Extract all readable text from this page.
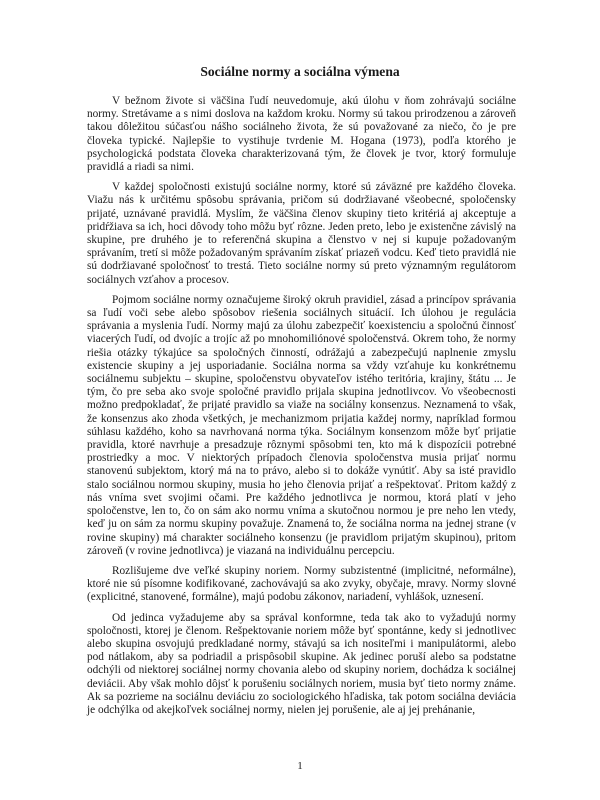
Sociálne normy a sociálna výmena

V bežnom živote si väčšina ľudí neuvedomuje, akú úlohu v ňom zohrávajú sociálne normy. Stretávame a s nimi doslova na každom kroku. Normy sú takou prirodzenou a zároveň takou dôležitou súčasťou nášho sociálneho života, že sú považované za niečo, čo je pre človeka typické. Najlepšie to vystihuje tvrdenie M. Hogana (1973), podľa ktorého je psychologická podstata človeka charakterizovaná tým, že človek je tvor, ktorý formuluje pravidlá a riadi sa nimi.

V každej spoločnosti existujú sociálne normy, ktoré sú záväzné pre každého človeka. Viažu nás k určitému spôsobu správania, pričom sú dodržiavané všeobecné, spoločensky prijaté, uznávané pravidlá. Myslím, že väčšina členov skupiny tieto kritériá aj akceptuje a pridŕžiava sa ich, hoci dôvody toho môžu byť rôzne. Jeden preto, lebo je existenčne závislý na skupine, pre druhého je to referenčná skupina a členstvo v nej si kupuje požadovaným správaním, tretí si môže požadovaným správaním získať priazeň vodcu. Keď tieto pravidlá nie sú dodržiavané spoločnosť to trestá. Tieto sociálne normy sú preto významným regulátorom sociálnych vzťahov a procesov.

Pojmom sociálne normy označujeme široký okruh pravidiel, zásad a princípov správania sa ľudí voči sebe alebo spôsobov riešenia sociálnych situácií. Ich úlohou je regulácia správania a myslenia ľudí. Normy majú za úlohu zabezpečiť koexistenciu a spoločnú činnosť viacerých ľudí, od dvojíc a trojíc až po mnohomiliónové spoločenstvá. Okrem toho, že normy riešia otázky týkajúce sa spoločných činností, odrážajú a zabezpečujú naplnenie zmyslu existencie skupiny a jej usporiadanie. Sociálna norma sa vždy vzťahuje ku konkrétnemu sociálnemu subjektu – skupine, spoločenstvu obyvateľov istého teritória, krajiny, štátu ... Je tým, čo pre seba ako svoje spoločné pravidlo prijala skupina jednotlivcov. Vo všeobecnosti možno predpokladať, že prijaté pravidlo sa viaže na sociálny konsenzus. Neznamená to však, že konsenzus ako zhoda všetkých, je mechanizmom prijatia každej normy, napríklad formou súhlasu každého, koho sa navrhovaná norma týka. Sociálnym konsenzom môže byť prijatie pravidla, ktoré navrhuje a presadzuje rôznymi spôsobmi ten, kto má k dispozícii potrebné prostriedky a moc. V niektorých prípadoch členovia spoločenstva musia prijať normu stanovenú subjektom, ktorý má na to právo, alebo si to dokáže vynútiť. Aby sa isté pravidlo stalo sociálnou normou skupiny, musia ho jeho členovia prijať a rešpektovať. Pritom každý z nás vníma svet svojimi očami. Pre každého jednotlivca je normou, ktorá platí v jeho spoločenstve, len to, čo on sám ako normu vníma a skutočnou normou je pre neho len vtedy, keď ju on sám za normu skupiny považuje. Znamená to, že sociálna norma na jednej strane (v rovine skupiny) má charakter sociálneho konsenzu (je pravidlom prijatým skupinou), pritom zároveň (v rovine jednotlivca) je viazaná na individuálnu percepciu.

Rozlišujeme dve veľké skupiny noriem. Normy subzistentné (implicitné, neformálne), ktoré nie sú písomne kodifikované, zachovávajú sa ako zvyky, obyčaje, mravy. Normy slovné (explicitné, stanovené, formálne), majú podobu zákonov, nariadení, vyhlášok, uznesení.

Od jedinca vyžadujeme aby sa správal konformne, teda tak ako to vyžadujú normy spoločnosti, ktorej je členom. Rešpektovanie noriem môže byť spontánne, kedy si jednotlivec alebo skupina osvojujú predkladané normy, stávajú sa ich nositeľmi i manipulátormi, alebo pod nátlakom, aby sa podriadil a prispôsobil skupine. Ak jedinec poruší alebo sa podstatne odchýli od niektorej sociálnej normy chovania alebo od skupiny noriem, dochádza k sociálnej deviácii. Aby však mohlo dôjsť k porušeniu sociálnych noriem, musia byť tieto normy známe. Ak sa pozrieme na sociálnu deviáciu zo sociologického hľadiska, tak potom sociálna deviácia je odchýlka od akejkoľvek sociálnej normy, nielen jej porušenie, ale aj jej prehánanie,

1
